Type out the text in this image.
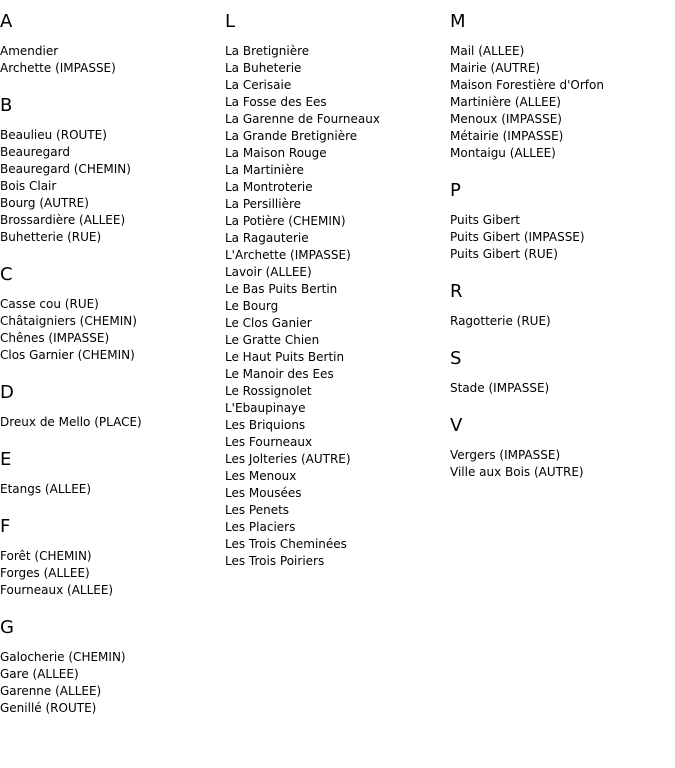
A
Amendier
Archette (IMPASSE)
B
Beaulieu (ROUTE)
Beauregard
Beauregard (CHEMIN)
Bois Clair
Bourg (AUTRE)
Brossardière (ALLEE)
Buhetterie (RUE)
C
Casse cou (RUE)
Châtaigniers (CHEMIN)
Chênes (IMPASSE)
Clos Garnier (CHEMIN)
D
Dreux de Mello (PLACE)
E
Etangs (ALLEE)
F
Forêt (CHEMIN)
Forges (ALLEE)
Fourneaux (ALLEE)
G
Galocherie (CHEMIN)
Gare (ALLEE)
Garenne (ALLEE)
Genillé (ROUTE)
L
La Bretignière
La Buheterie
La Cerisaie
La Fosse des Ees
La Garenne de Fourneaux
La Grande Bretignière
La Maison Rouge
La Martinière
La Montroterie
La Persillière
La Potière (CHEMIN)
La Ragauterie
L'Archette (IMPASSE)
Lavoir (ALLEE)
Le Bas Puits Bertin
Le Bourg
Le Clos Ganier
Le Gratte Chien
Le Haut Puits Bertin
Le Manoir des Ees
Le Rossignolet
L'Ebaupinaye
Les Briquions
Les Fourneaux
Les Jolteries (AUTRE)
Les Menoux
Les Mousées
Les Penets
Les Placiers
Les Trois Cheminées
Les Trois Poiriers
M
Mail (ALLEE)
Mairie (AUTRE)
Maison Forestière d'Orfon
Martinière (ALLEE)
Menoux (IMPASSE)
Métairie (IMPASSE)
Montaigu (ALLEE)
P
Puits Gibert
Puits Gibert (IMPASSE)
Puits Gibert (RUE)
R
Ragotterie (RUE)
S
Stade (IMPASSE)
V
Vergers (IMPASSE)
Ville aux Bois (AUTRE)
